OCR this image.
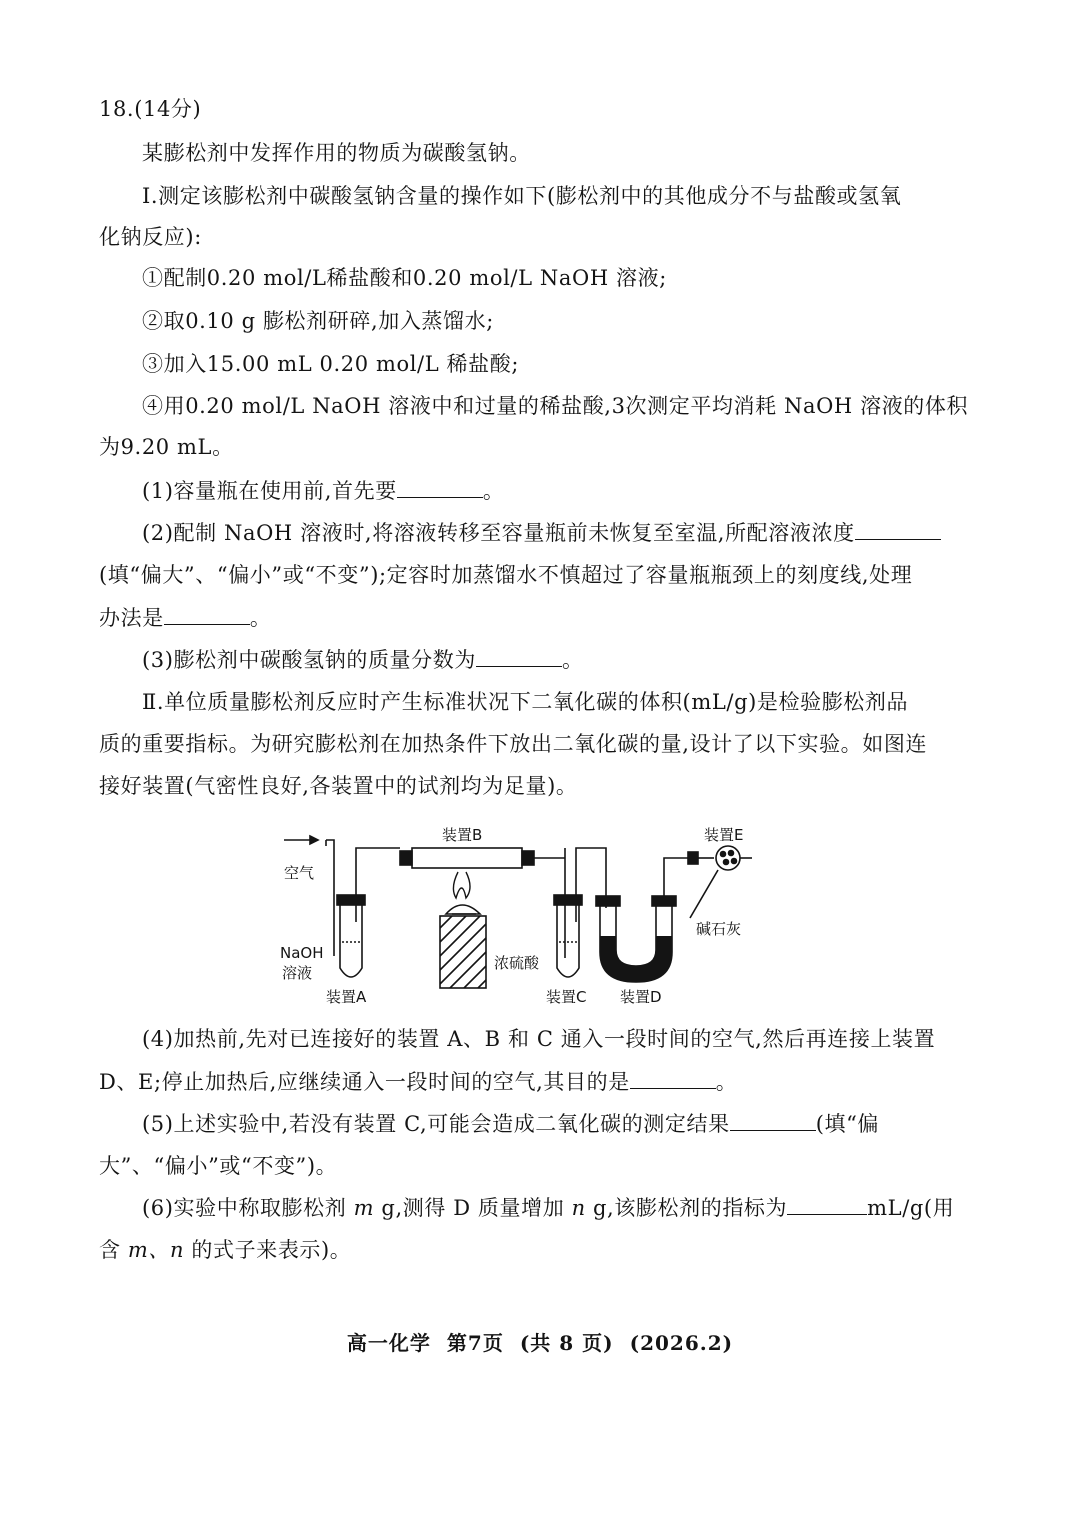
18.(14分)
某膨松剂中发挥作用的物质为碳酸氢钠。
I.测定该膨松剂中碳酸氢钠含量的操作如下(膨松剂中的其他成分不与盐酸或氢氧
化钠反应):
①配制0.20 mol/L稀盐酸和0.20 mol/L NaOH 溶液;
②取0.10 g 膨松剂研碎,加入蒸馏水;
③加入15.00 mL 0.20 mol/L 稀盐酸;
④用0.20 mol/L NaOH 溶液中和过量的稀盐酸,3次测定平均消耗 NaOH 溶液的体积
为9.20 mL。
(1)容量瓶在使用前,首先要	。
(2)配制 NaOH 溶液时,将溶液转移至容量瓶前未恢复至室温,所配溶液浓度
(填“偏大”、“偏小”或“不变”);定容时加蒸馏水不慎超过了容量瓶瓶颈上的刻度线,处理
办法是	。
(3)膨松剂中碳酸氢钠的质量分数为	。
Ⅱ.单位质量膨松剂反应时产生标准状况下二氧化碳的体积(mL/g)是检验膨松剂品
质的重要指标。为研究膨松剂在加热条件下放出二氧化碳的量,设计了以下实验。如图连
接好装置(气密性良好,各装置中的试剂均为足量)。
空气
NaOH
溶液
装置A
装置B
浓硫酸
装置C 装置D
装置E
碱石灰
(4)加热前,先对已连接好的装置 A、B 和 C 通入一段时间的空气,然后再连接上装置
D、E;停止加热后,应继续通入一段时间的空气,其目的是	。
(5)上述实验中,若没有装置 C,可能会造成二氧化碳的测定结果	(填“偏
大”、“偏小”或“不变”)。
(6)实验中称取膨松剂 m g,测得 D 质量增加 n g,该膨松剂的指标为	mL/g(用
含 m、n 的式子来表示)。
高一化学 第7页 (共 8 页) (2026.2)
